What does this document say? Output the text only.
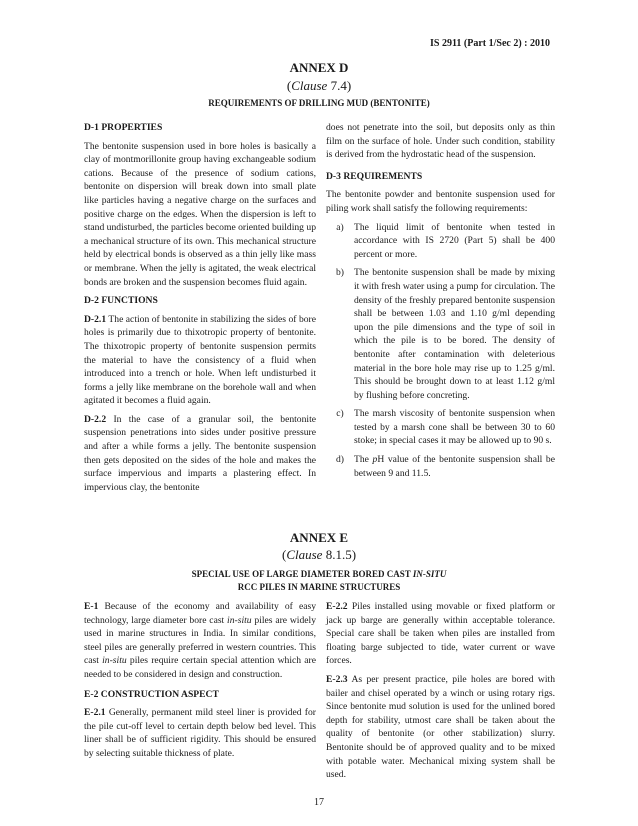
IS 2911 (Part 1/Sec 2) : 2010
ANNEX D
(Clause 7.4)
REQUIREMENTS OF DRILLING MUD (BENTONITE)
D-1 PROPERTIES

The bentonite suspension used in bore holes is basically a clay of montmorillonite group having exchangeable sodium cations. Because of the presence of sodium cations, bentonite on dispersion will break down into small plate like particles having a negative charge on the surfaces and positive charge on the edges. When the dispersion is left to stand undisturbed, the particles become oriented building up a mechanical structure of its own. This mechanical structure held by electrical bonds is observed as a thin jelly like mass or membrane. When the jelly is agitated, the weak electrical bonds are broken and the suspension becomes fluid again.

D-2 FUNCTIONS

D-2.1 The action of bentonite in stabilizing the sides of bore holes is primarily due to thixotropic property of bentonite. The thixotropic property of bentonite suspension permits the material to have the consistency of a fluid when introduced into a trench or hole. When left undisturbed it forms a jelly like membrane on the borehole wall and when agitated it becomes a fluid again.

D-2.2 In the case of a granular soil, the bentonite suspension penetrations into sides under positive pressure and after a while forms a jelly. The bentonite suspension then gets deposited on the sides of the hole and makes the surface impervious and imparts a plastering effect. In impervious clay, the bentonite

does not penetrate into the soil, but deposits only as thin film on the surface of hole. Under such condition, stability is derived from the hydrostatic head of the suspension.

D-3 REQUIREMENTS

The bentonite powder and bentonite suspension used for piling work shall satisfy the following requirements:

a)	The liquid limit of bentonite when tested in accordance with IS 2720 (Part 5) shall be 400 percent or more.
b)	The bentonite suspension shall be made by mixing it with fresh water using a pump for circulation. The density of the freshly prepared bentonite suspension shall be between 1.03 and 1.10 g/ml depending upon the pile dimensions and the type of soil in which the pile is to be bored. The density of bentonite after contamination with deleterious material in the bore hole may rise up to 1.25 g/ml. This should be brought down to at least 1.12 g/ml by flushing before concreting.
c)	The marsh viscosity of bentonite suspension when tested by a marsh cone shall be between 30 to 60 stoke; in special cases it may be allowed up to 90 s.
d)	The pH value of the bentonite suspension shall be between 9 and 11.5.
ANNEX E
(Clause 8.1.5)
SPECIAL USE OF LARGE DIAMETER BORED CAST IN-SITU
RCC PILES IN MARINE STRUCTURES

E-1 Because of the economy and availability of easy technology, large diameter bore cast in-situ piles are widely used in marine structures in India. In similar conditions, steel piles are generally preferred in western countries. This cast in-situ piles require certain special attention which are needed to be considered in design and construction.

E-2 CONSTRUCTION ASPECT

E-2.1 Generally, permanent mild steel liner is provided for the pile cut-off level to certain depth below bed level. This liner shall be of sufficient rigidity. This should be ensured by selecting suitable thickness of plate.

E-2.2 Piles installed using movable or fixed platform or jack up barge are generally within acceptable tolerance. Special care shall be taken when piles are installed from floating barge subjected to tide, water current or wave forces.

E-2.3 As per present practice, pile holes are bored with bailer and chisel operated by a winch or using rotary rigs. Since bentonite mud solution is used for the unlined bored depth for stability, utmost care shall be taken about the quality of bentonite (or other stabilization) slurry. Bentonite should be of approved quality and to be mixed with potable water. Mechanical mixing system shall be used.

17
